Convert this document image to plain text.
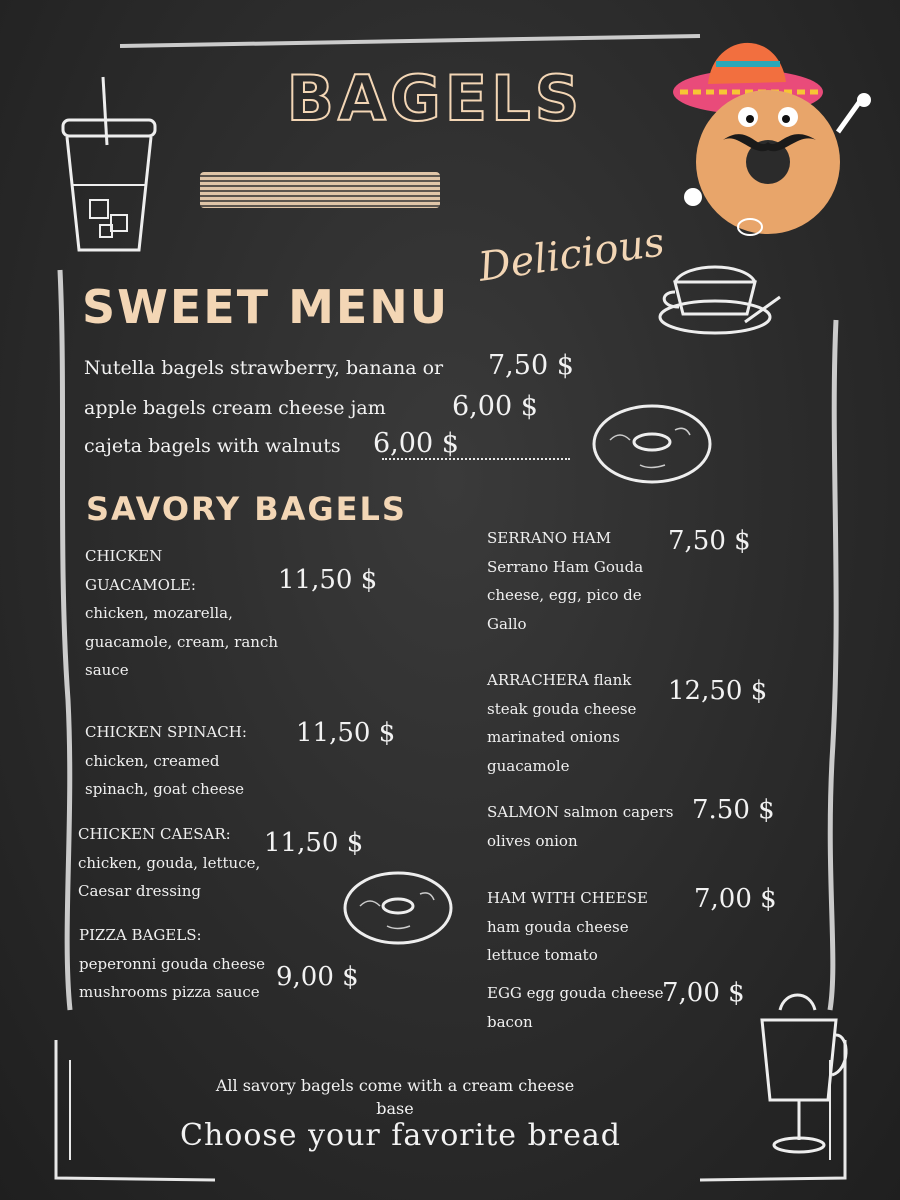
BAGELS
Delicious
SWEET MENU
Nutella bagels strawberry, banana or 7,50 $
apple bagels cream cheese jam 6,00 $
cajeta bagels with walnuts 6,00 $
SAVORY BAGELS
CHICKEN
GUACAMOLE:
chicken, mozarella,
guacamole, cream, ranch
sauce
11,50 $
CHICKEN SPINACH:
chicken, creamed
spinach, goat cheese
11,50 $
CHICKEN CAESAR:
chicken, gouda, lettuce,
Caesar dressing
11,50 $
PIZZA BAGELS:
peperonni gouda cheese
mushrooms pizza sauce 9,00 $
SERRANO HAM
Serrano Ham Gouda
cheese, egg, pico de
Gallo
7,50 $
ARRACHERA flank
steak gouda cheese
marinated onions
guacamole
12,50 $
SALMON salmon capers
olives onion
7.50 $
HAM WITH CHEESE
ham gouda cheese
lettuce tomato
7,00 $
EGG egg gouda cheese
bacon
7,00 $
All savory bagels come with a cream cheese
base
Choose your favorite bread
